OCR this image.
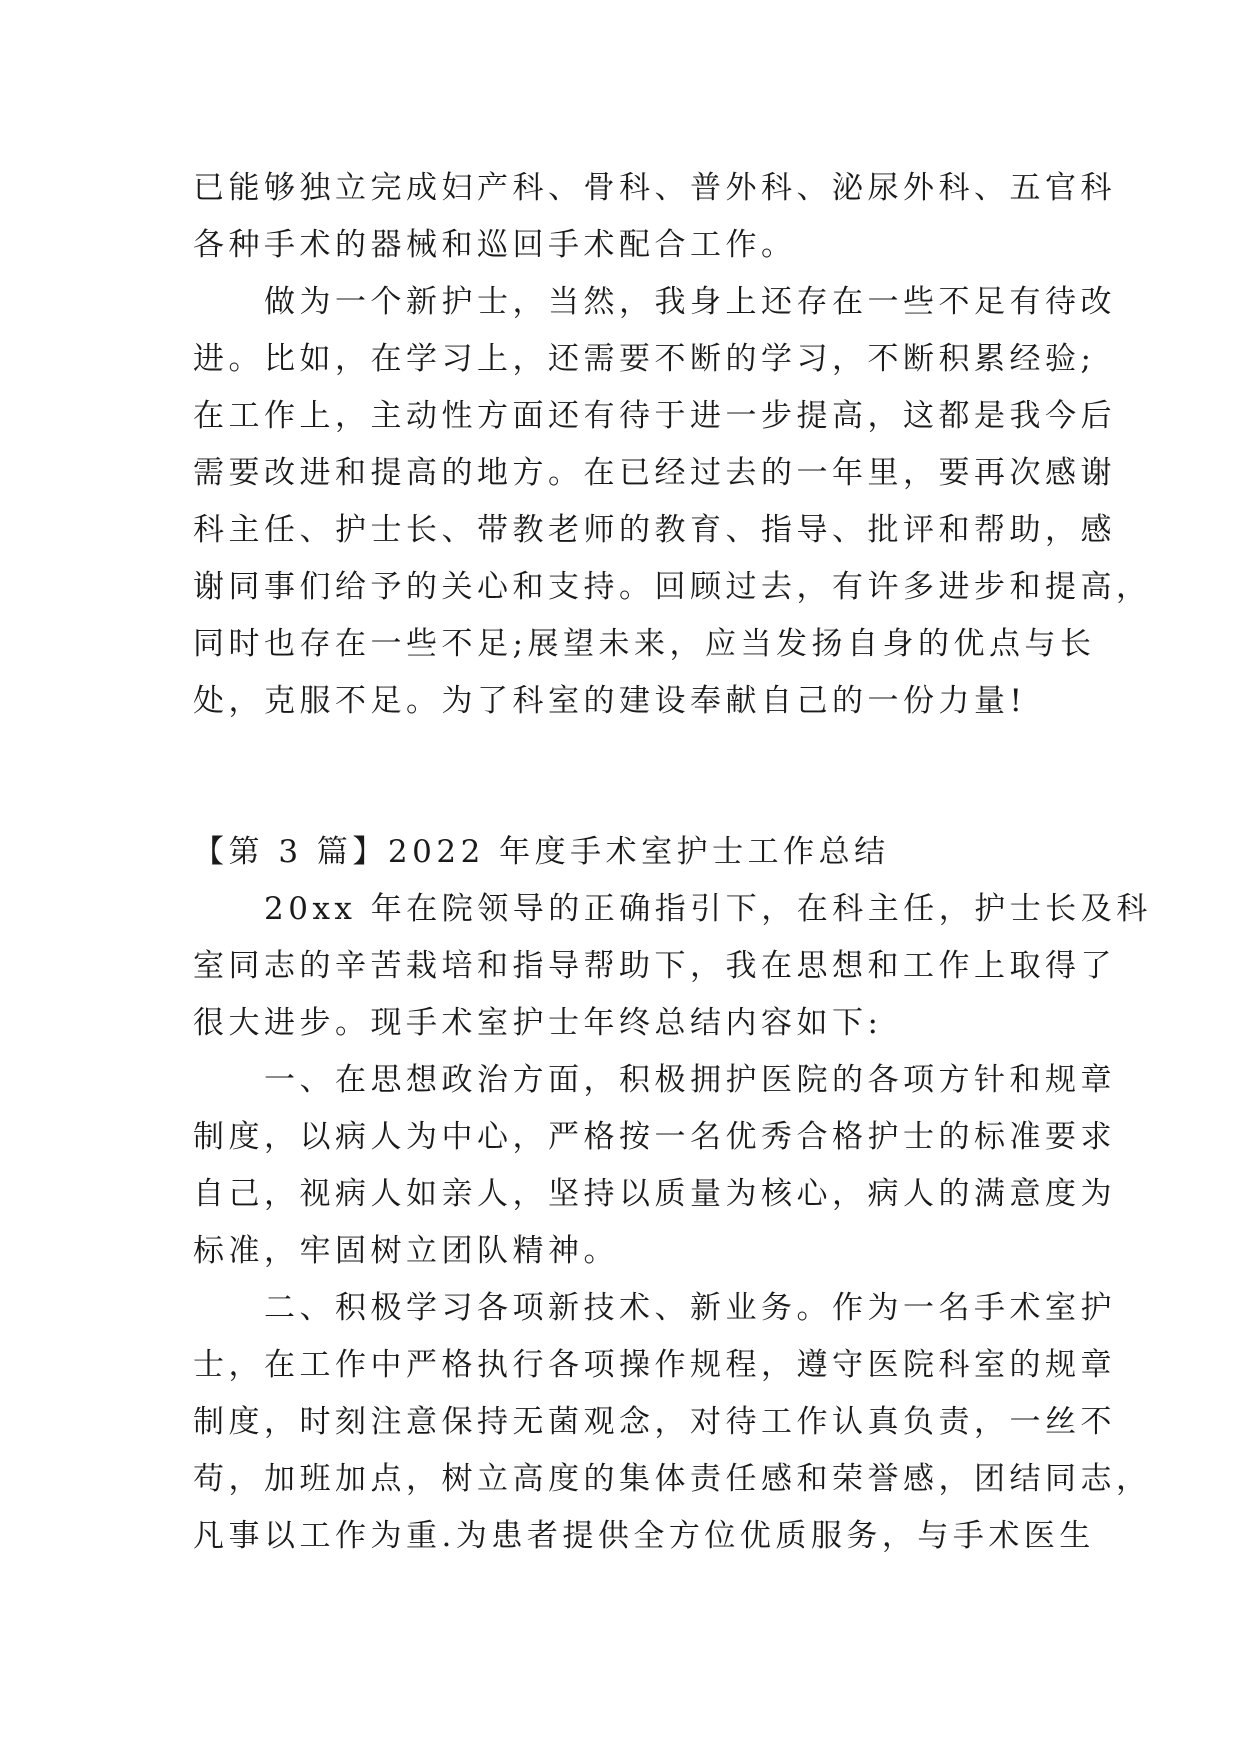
已能够独立完成妇产科、骨科、普外科、泌尿外科、五官科
各种手术的器械和巡回手术配合工作。
　　做为一个新护士，当然，我身上还存在一些不足有待改
进。比如，在学习上，还需要不断的学习，不断积累经验;
在工作上，主动性方面还有待于进一步提高，这都是我今后
需要改进和提高的地方。在已经过去的一年里，要再次感谢
科主任、护士长、带教老师的教育、指导、批评和帮助，感
谢同事们给予的关心和支持。回顾过去，有许多进步和提高，
同时也存在一些不足;展望未来，应当发扬自身的优点与长
处，克服不足。为了科室的建设奉献自己的一份力量!
【第 3 篇】2022 年度手术室护士工作总结
　　20xx 年在院领导的正确指引下，在科主任，护士长及科
室同志的辛苦栽培和指导帮助下，我在思想和工作上取得了
很大进步。现手术室护士年终总结内容如下:
　　一、在思想政治方面，积极拥护医院的各项方针和规章
制度，以病人为中心，严格按一名优秀合格护士的标准要求
自己，视病人如亲人，坚持以质量为核心，病人的满意度为
标准，牢固树立团队精神。
　　二、积极学习各项新技术、新业务。作为一名手术室护
士，在工作中严格执行各项操作规程，遵守医院科室的规章
制度，时刻注意保持无菌观念，对待工作认真负责，一丝不
苟，加班加点，树立高度的集体责任感和荣誉感，团结同志，
凡事以工作为重.为患者提供全方位优质服务，与手术医生
